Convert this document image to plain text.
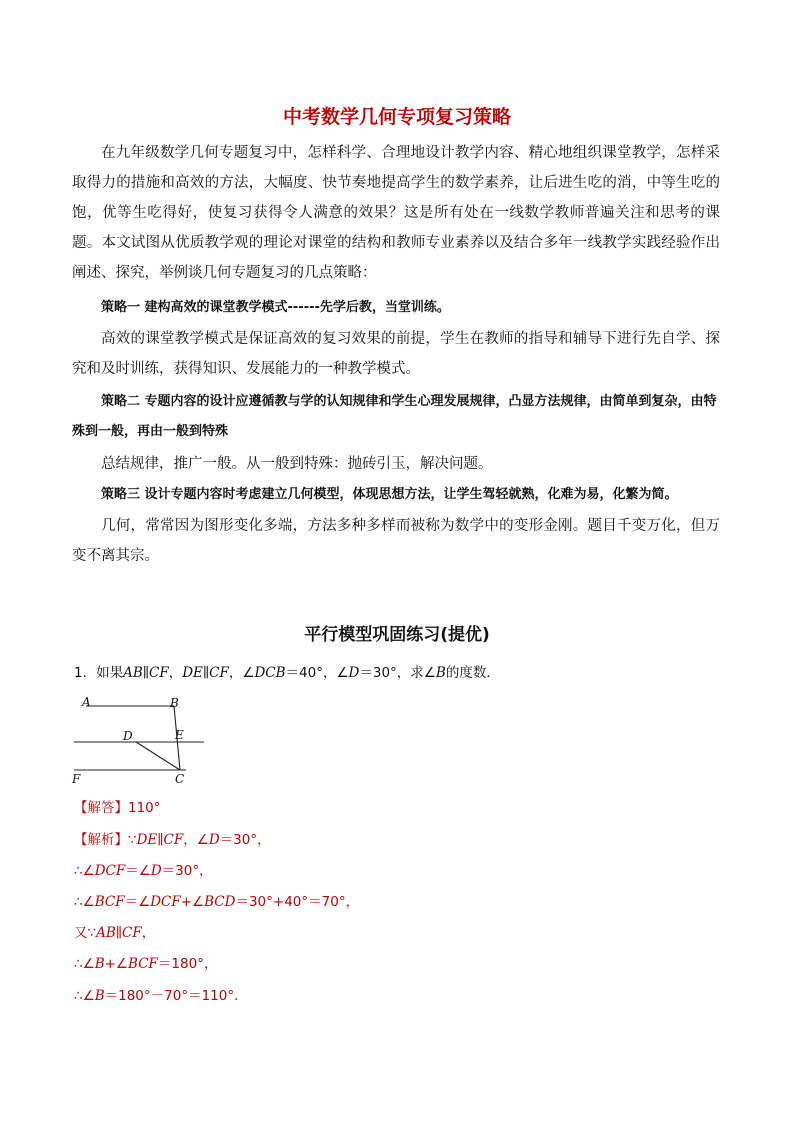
中考数学几何专项复习策略

在九年级数学几何专题复习中，怎样科学、合理地设计教学内容、精心地组织课堂教学，怎样采取得力的措施和高效的方法，大幅度、快节奏地提高学生的数学素养，让后进生吃的消，中等生吃的饱，优等生吃得好，使复习获得令人满意的效果？这是所有处在一线数学教师普遍关注和思考的课题。本文试图从优质教学观的理论对课堂的结构和教师专业素养以及结合多年一线教学实践经验作出阐述、探究，举例谈几何专题复习的几点策略：

策略一 建构高效的课堂教学模式------先学后教，当堂训练。

高效的课堂教学模式是保证高效的复习效果的前提，学生在教师的指导和辅导下进行先自学、探究和及时训练，获得知识、发展能力的一种教学模式。

策略二 专题内容的设计应遵循教与学的认知规律和学生心理发展规律，凸显方法规律，由简单到复杂，由特殊到一般，再由一般到特殊

总结规律，推广一般。从一般到特殊：抛砖引玉，解决问题。

策略三 设计专题内容时考虑建立几何模型，体现思想方法，让学生驾轻就熟，化难为易，化繁为简。

几何，常常因为图形变化多端，方法多种多样而被称为数学中的变形金刚。题目千变万化，但万变不离其宗。

平行模型巩固练习(提优)

1．如果AB∥CF，DE∥CF，∠DCB＝40°，∠D＝30°，求∠B的度数．

A	B
D	E
F	C

【解答】110°

【解析】∵DE∥CF，∠D＝30°，

∴∠DCF＝∠D＝30°，

∴∠BCF＝∠DCF+∠BCD＝30°+40°＝70°，

又∵AB∥CF，

∴∠B+∠BCF＝180°，

∴∠B＝180°－70°＝110°．
